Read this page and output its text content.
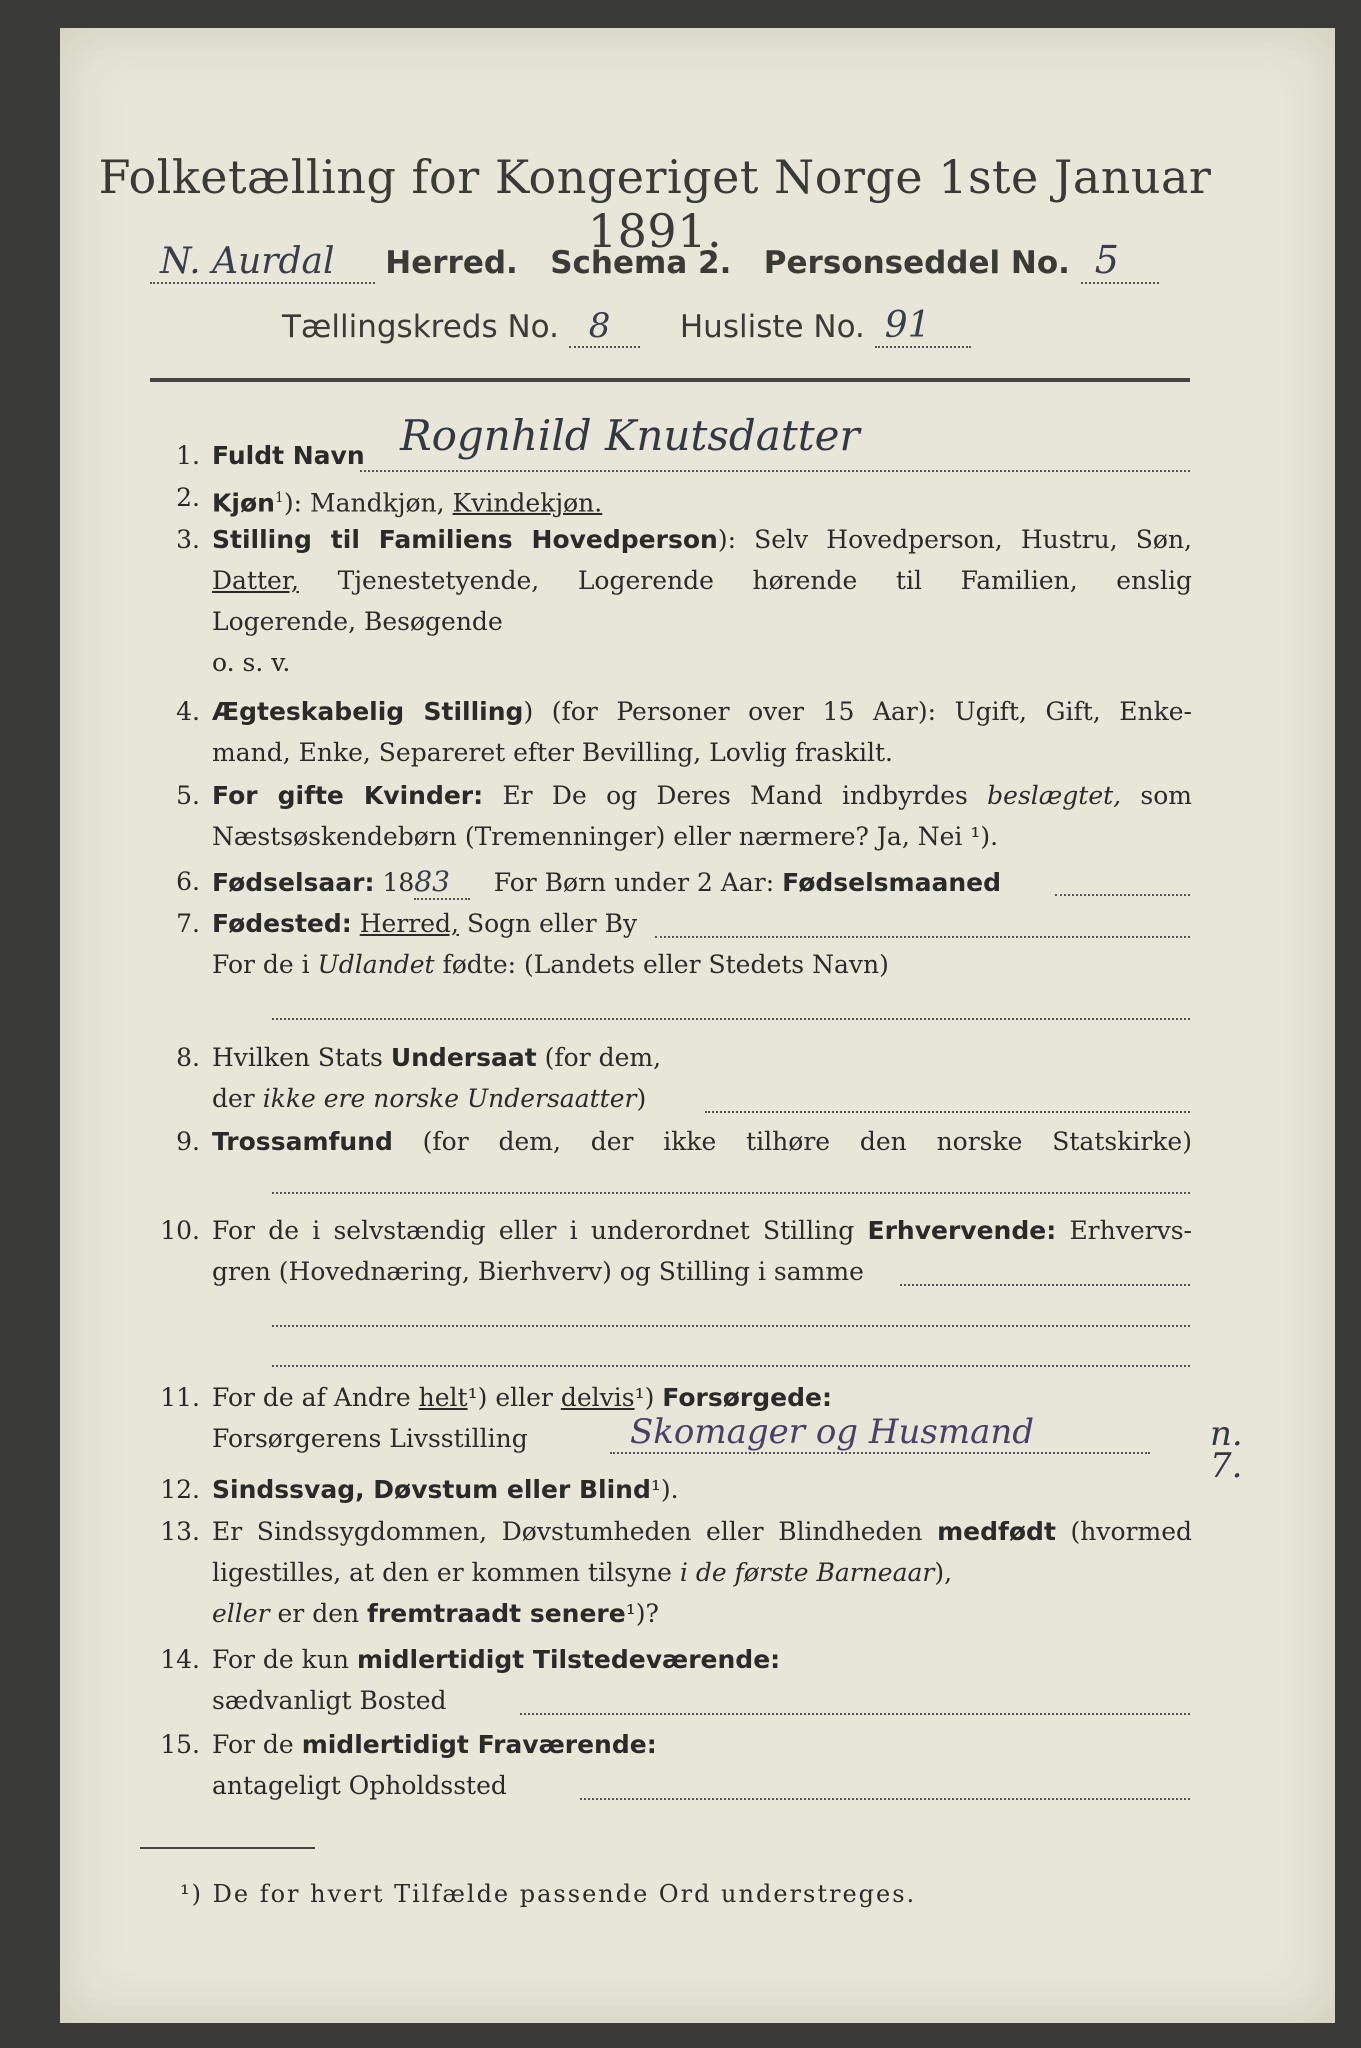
Folketælling for Kongeriget Norge 1ste Januar 1891.
N. Aurdal Herred. Schema 2. Personseddel No. 5
Tællingskreds No. 8 Husliste No. 91
1. Fuldt Navn Rognhild Knutsdatter
2. Kjøn$^1$): Mandkjøn, Kvindekjøn.
3. Stilling til Familiens Hovedperson): Selv Hovedperson, Hustru, Søn,
Datter, Tjenestetyende, Logerende hørende til Familien, enslig
Logerende, Besøgende
o. s. v.
4. Ægteskabelig Stilling) (for Personer over 15 Aar): Ugift, Gift, Enke-
mand, Enke, Separeret efter Bevilling, Lovlig fraskilt.
5. For gifte Kvinder: Er De og Deres Mand indbyrdes beslægtet, som
Næstsøskendebørn (Tremenninger) eller nærmere? Ja, Nei ¹).
6. Fødselsaar: 1883 For Børn under 2 Aar: Fødselsmaaned
7. Fødested: Herred, Sogn eller By
For de i Udlandet fødte: (Landets eller Stedets Navn)
8. Hvilken Stats Undersaat (for dem,
der ikke ere norske Undersaatter)
9. Trossamfund (for dem, der ikke tilhøre den norske Statskirke)
10. For de i selvstændig eller i underordnet Stilling Erhvervende: Erhvervs-
gren (Hovednæring, Bierhverv) og Stilling i samme
11. For de af Andre helt¹) eller delvis¹) Forsørgede:
Forsørgerens Livsstilling	Skomager og Husmand	n. 7.
12. Sindssvag, Døvstum eller Blind¹).
13. Er Sindssygdommen, Døvstumheden eller Blindheden medfødt (hvormed
ligestilles, at den er kommen tilsyne i de første Barneaar),
eller er den fremtraadt senere¹)?
14. For de kun midlertidigt Tilstedeværende:
sædvanligt Bosted
15. For de midlertidigt Fraværende:
antageligt Opholdssted
¹) De for hvert Tilfælde passende Ord understreges.
